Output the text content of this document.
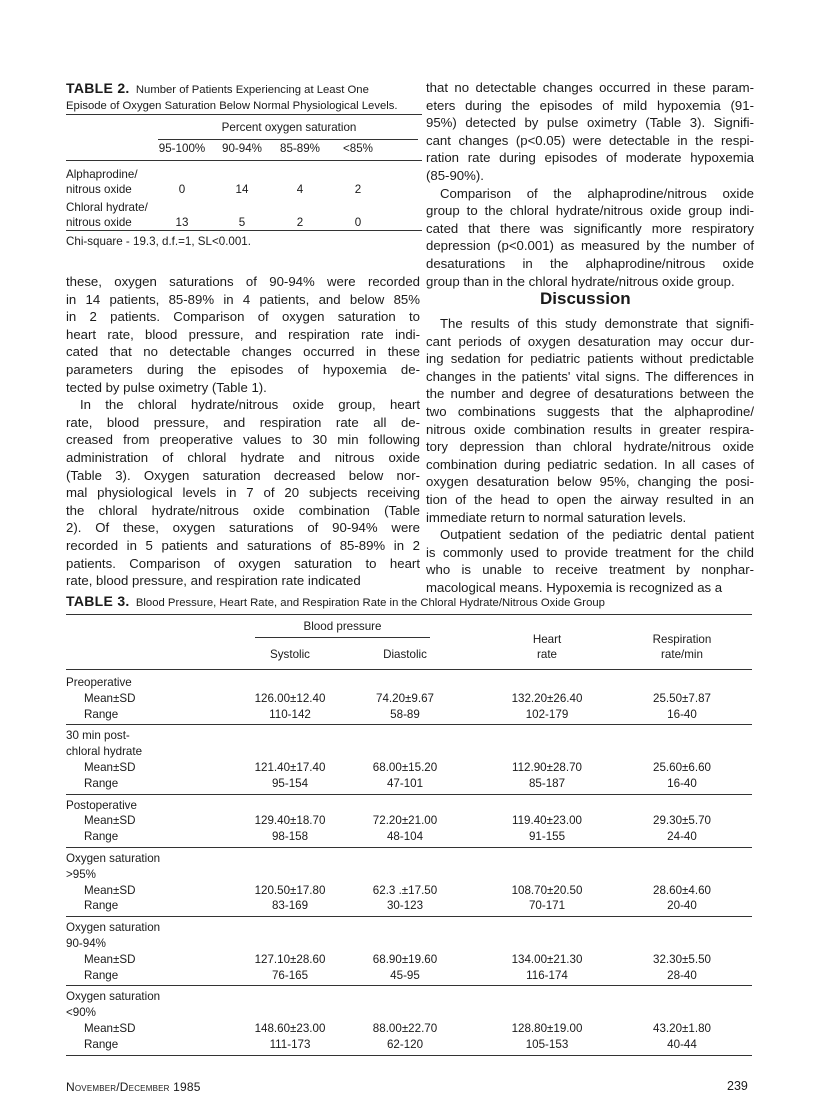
TABLE 2. Number of Patients Experiencing at Least One
Episode of Oxygen Saturation Below Normal Physiological Levels.
Percent oxygen saturation
95-100% 90-94% 85-89% <85%
Alphaprodine/
nitrous oxide	0	14	4	2
Chloral hydrate/
nitrous oxide	13	5	2	0
Chi-square - 19.3, d.f.=1, SL<0.001.
these, oxygen saturations of 90-94% were recorded
in 14 patients, 85-89% in 4 patients, and below 85%
in 2 patients. Comparison of oxygen saturation to
heart rate, blood pressure, and respiration rate indi-
cated that no detectable changes occurred in these
parameters during the episodes of hypoxemia de-
tected by pulse oximetry (Table 1).
In the chloral hydrate/nitrous oxide group, heart
rate, blood pressure, and respiration rate all de-
creased from preoperative values to 30 min following
administration of chloral hydrate and nitrous oxide
(Table 3). Oxygen saturation decreased below nor-
mal physiological levels in 7 of 20 subjects receiving
the chloral hydrate/nitrous oxide combination (Table
2). Of these, oxygen saturations of 90-94% were
recorded in 5 patients and saturations of 85-89% in 2
patients. Comparison of oxygen saturation to heart
rate, blood pressure, and respiration rate indicated
that no detectable changes occurred in these param-
eters during the episodes of mild hypoxemia (91-
95%) detected by pulse oximetry (Table 3). Signifi-
cant changes (p<0.05) were detectable in the respi-
ration rate during episodes of moderate hypoxemia
(85-90%).
Comparison of the alphaprodine/nitrous oxide
group to the chloral hydrate/nitrous oxide group indi-
cated that there was significantly more respiratory
depression (p<0.001) as measured by the number of
desaturations in the alphaprodine/nitrous oxide
group than in the chloral hydrate/nitrous oxide group.
Discussion
The results of this study demonstrate that signifi-
cant periods of oxygen desaturation may occur dur-
ing sedation for pediatric patients without predictable
changes in the patients' vital signs. The differences in
the number and degree of desaturations between the
two combinations suggests that the alphaprodine/
nitrous oxide combination results in greater respira-
tory depression than chloral hydrate/nitrous oxide
combination during pediatric sedation. In all cases of
oxygen desaturation below 95%, changing the posi-
tion of the head to open the airway resulted in an
immediate return to normal saturation levels.
Outpatient sedation of the pediatric dental patient
is commonly used to provide treatment for the child
who is unable to receive treatment by nonphar-
macological means. Hypoxemia is recognized as a
TABLE 3. Blood Pressure, Heart Rate, and Respiration Rate in the Chloral Hydrate/Nitrous Oxide Group
Blood pressure
Systolic	Diastolic
Heart
rate
Respiration
rate/min
Preoperative
Mean±SD	126.00±12.40	74.20±9.67	132.20±26.40	25.50±7.87
Range	110-142	58-89	102-179	16-40
30 min post-
chloral hydrate
Mean±SD	121.40±17.40	68.00±15.20	112.90±28.70	25.60±6.60
Range	95-154	47-101	85-187	16-40
Postoperative
Mean±SD	129.40±18.70	72.20±21.00	119.40±23.00	29.30±5.70
Range	98-158	48-104	91-155	24-40
Oxygen saturation
>95%
Mean±SD	120.50±17.80	62.3 .±17.50	108.70±20.50	28.60±4.60
Range	83-169	30-123	70-171	20-40
Oxygen saturation
90-94%
Mean±SD	127.10±28.60	68.90±19.60	134.00±21.30	32.30±5.50
Range	76-165	45-95	116-174	28-40
Oxygen saturation
<90%
Mean±SD	148.60±23.00	88.00±22.70	128.80±19.00	43.20±1.80
Range	111-173	62-120	105-153	40-44
November/December 1985	239
